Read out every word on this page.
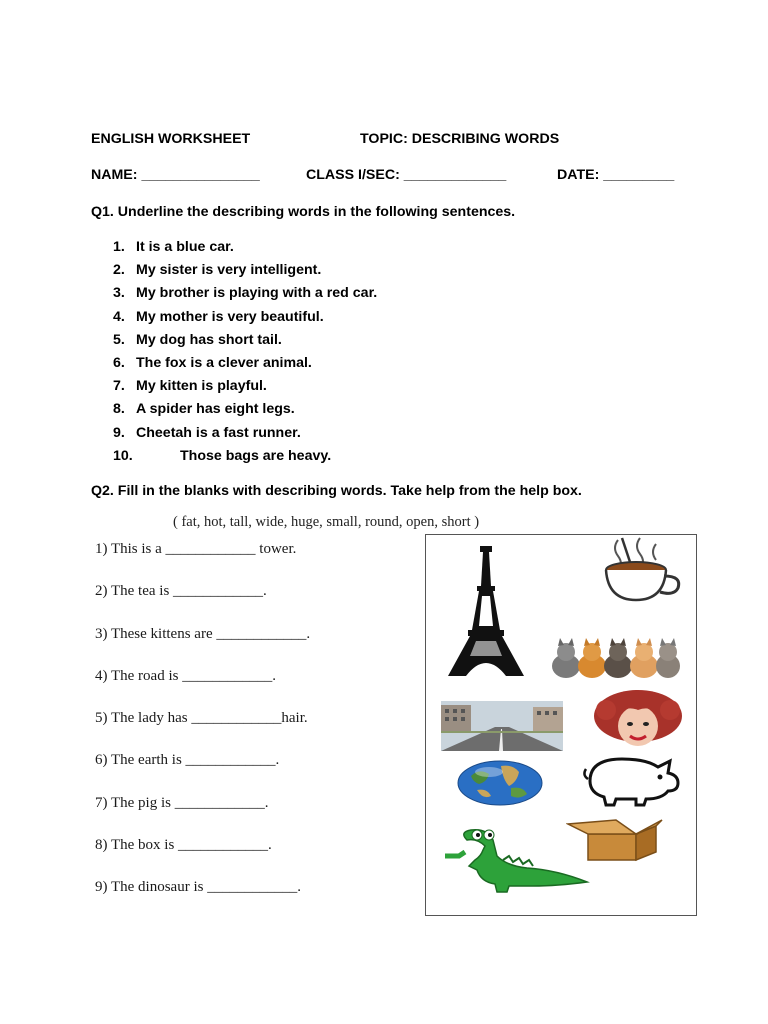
ENGLISH WORKSHEET	TOPIC: DESCRIBING WORDS
NAME: _______________	CLASS I/SEC: _____________	DATE: _________
Q1. Underline the describing words in the following sentences.
1. It is a blue car.
2. My sister is very intelligent.
3. My brother is playing with a red car.
4. My mother is very beautiful.
5. My dog has short tail.
6. The fox is a clever animal.
7. My kitten is playful.
8. A spider has eight legs.
9. Cheetah is a fast runner.
10.	Those bags are heavy.
Q2. Fill in the blanks with describing words. Take help from the help box.
( fat, hot, tall, wide, huge, small, round, open, short )
1) This is a ____________ tower.
2) The tea is ____________.
3) These kittens are ____________.
4) The road is ____________.
5) The lady has ____________hair.
6) The earth is ____________.
7) The pig is ____________.
8) The box is ____________.
9) The dinosaur is ____________.
